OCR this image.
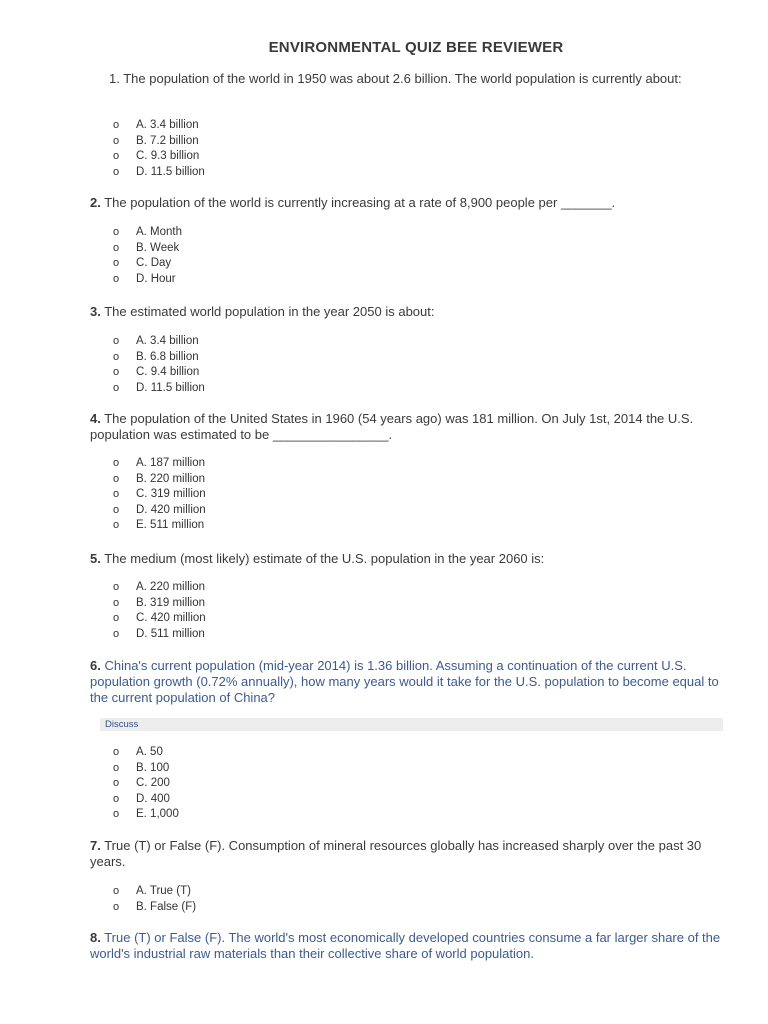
ENVIRONMENTAL QUIZ BEE REVIEWER
1. The population of the world in 1950 was about 2.6 billion. The world population is currently about:
o A. 3.4 billion
o B. 7.2 billion
o C. 9.3 billion
o D. 11.5 billion
2. The population of the world is currently increasing at a rate of 8,900 people per _______.
o A. Month
o B. Week
o C. Day
o D. Hour
3. The estimated world population in the year 2050 is about:
o A. 3.4 billion
o B. 6.8 billion
o C. 9.4 billion
o D. 11.5 billion
4. The population of the United States in 1960 (54 years ago) was 181 million. On July 1st, 2014 the U.S. population was estimated to be ________________.
o A. 187 million
o B. 220 million
o C. 319 million
o D. 420 million
o E. 511 million
5. The medium (most likely) estimate of the U.S. population in the year 2060 is:
o A. 220 million
o B. 319 million
o C. 420 million
o D. 511 million
6. China's current population (mid-year 2014) is 1.36 billion. Assuming a continuation of the current U.S. population growth (0.72% annually), how many years would it take for the U.S. population to become equal to the current population of China?
Discuss
o A. 50
o B. 100
o C. 200
o D. 400
o E. 1,000
7. True (T) or False (F). Consumption of mineral resources globally has increased sharply over the past 30 years.
o A. True (T)
o B. False (F)
8. True (T) or False (F). The world's most economically developed countries consume a far larger share of the world's industrial raw materials than their collective share of world population.
